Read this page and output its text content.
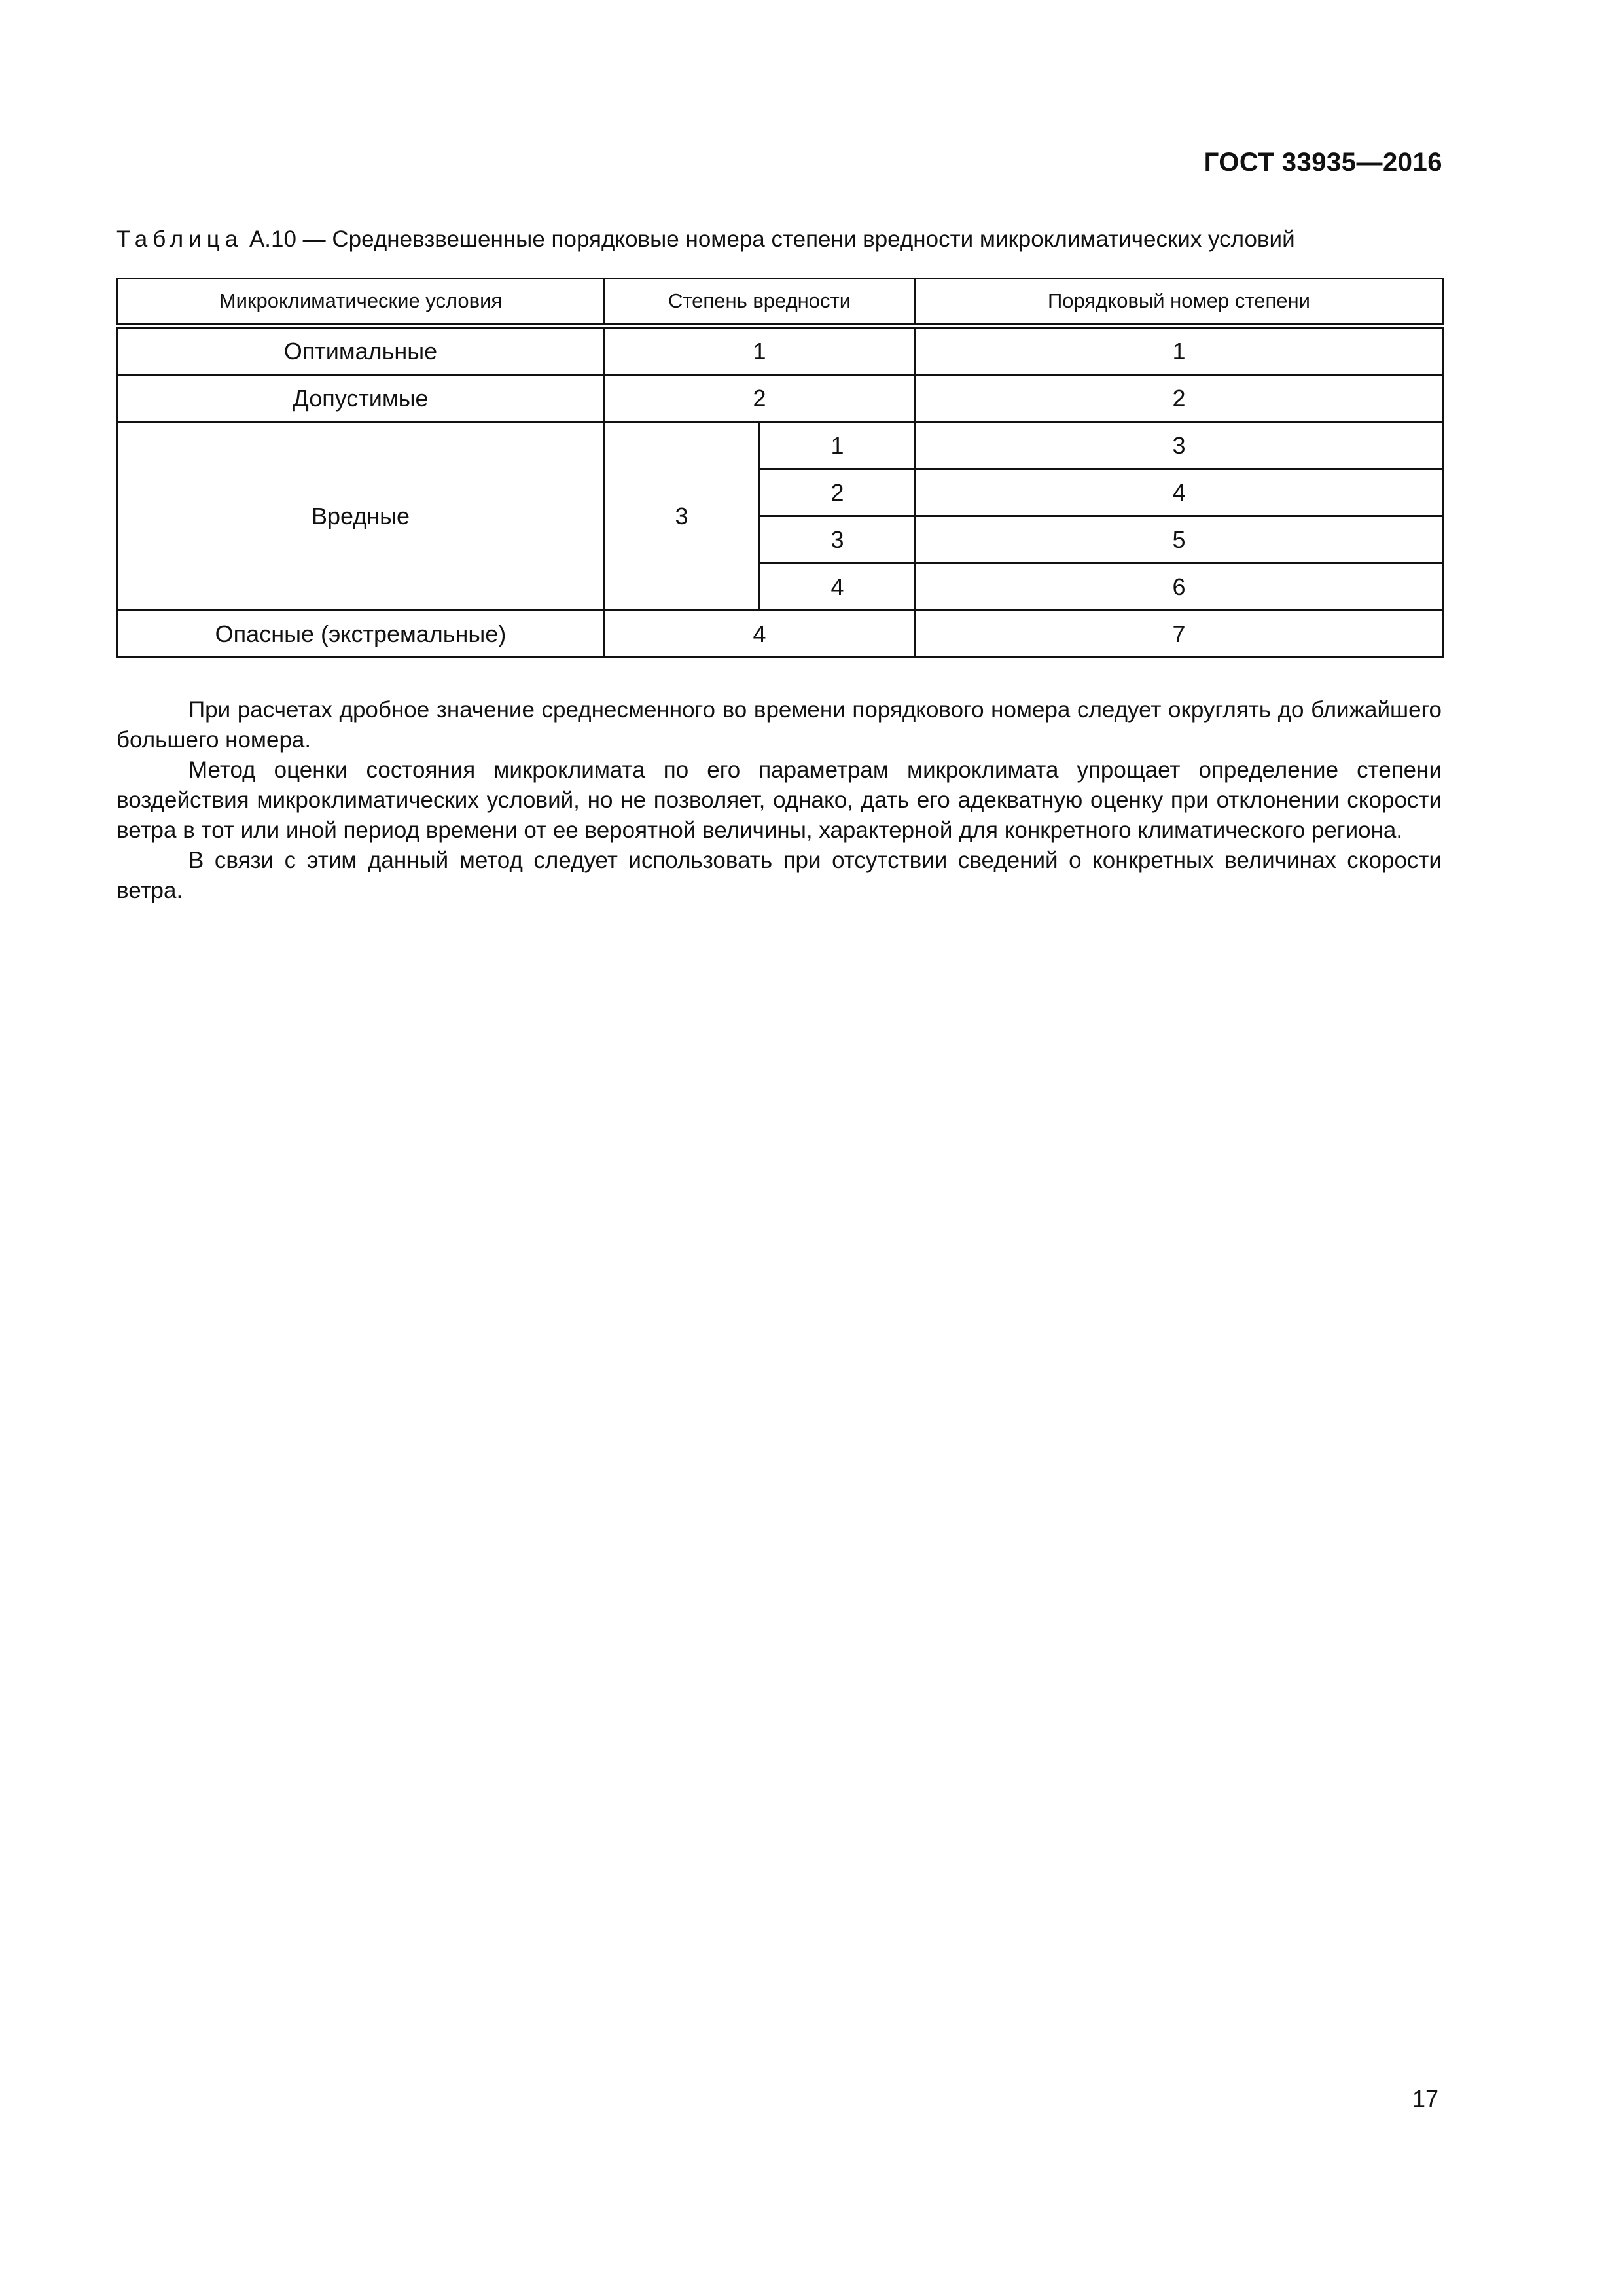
ГОСТ 33935—2016
Таблица А.10 — Средневзвешенные порядковые номера степени вредности микроклиматических условий
Микроклиматические условия	Степень вредности		Порядковый номер степени
Оптимальные	1		1
Допустимые	2		2
Вредные	3	1	3
		2	4
		3	5
		4	6
Опасные (экстремальные)	4		7

При расчетах дробное значение среднесменного во времени порядкового номера следует округлять до ближайшего большего номера.

Метод оценки состояния микроклимата по его параметрам микроклимата упрощает определение степени воздействия микроклиматических условий, но не позволяет, однако, дать его адекватную оценку при отклонении скорости ветра в тот или иной период времени от ее вероятной величины, характерной для конкретного климатического региона.

В связи с этим данный метод следует использовать при отсутствии сведений о конкретных величинах скорости ветра.

17
